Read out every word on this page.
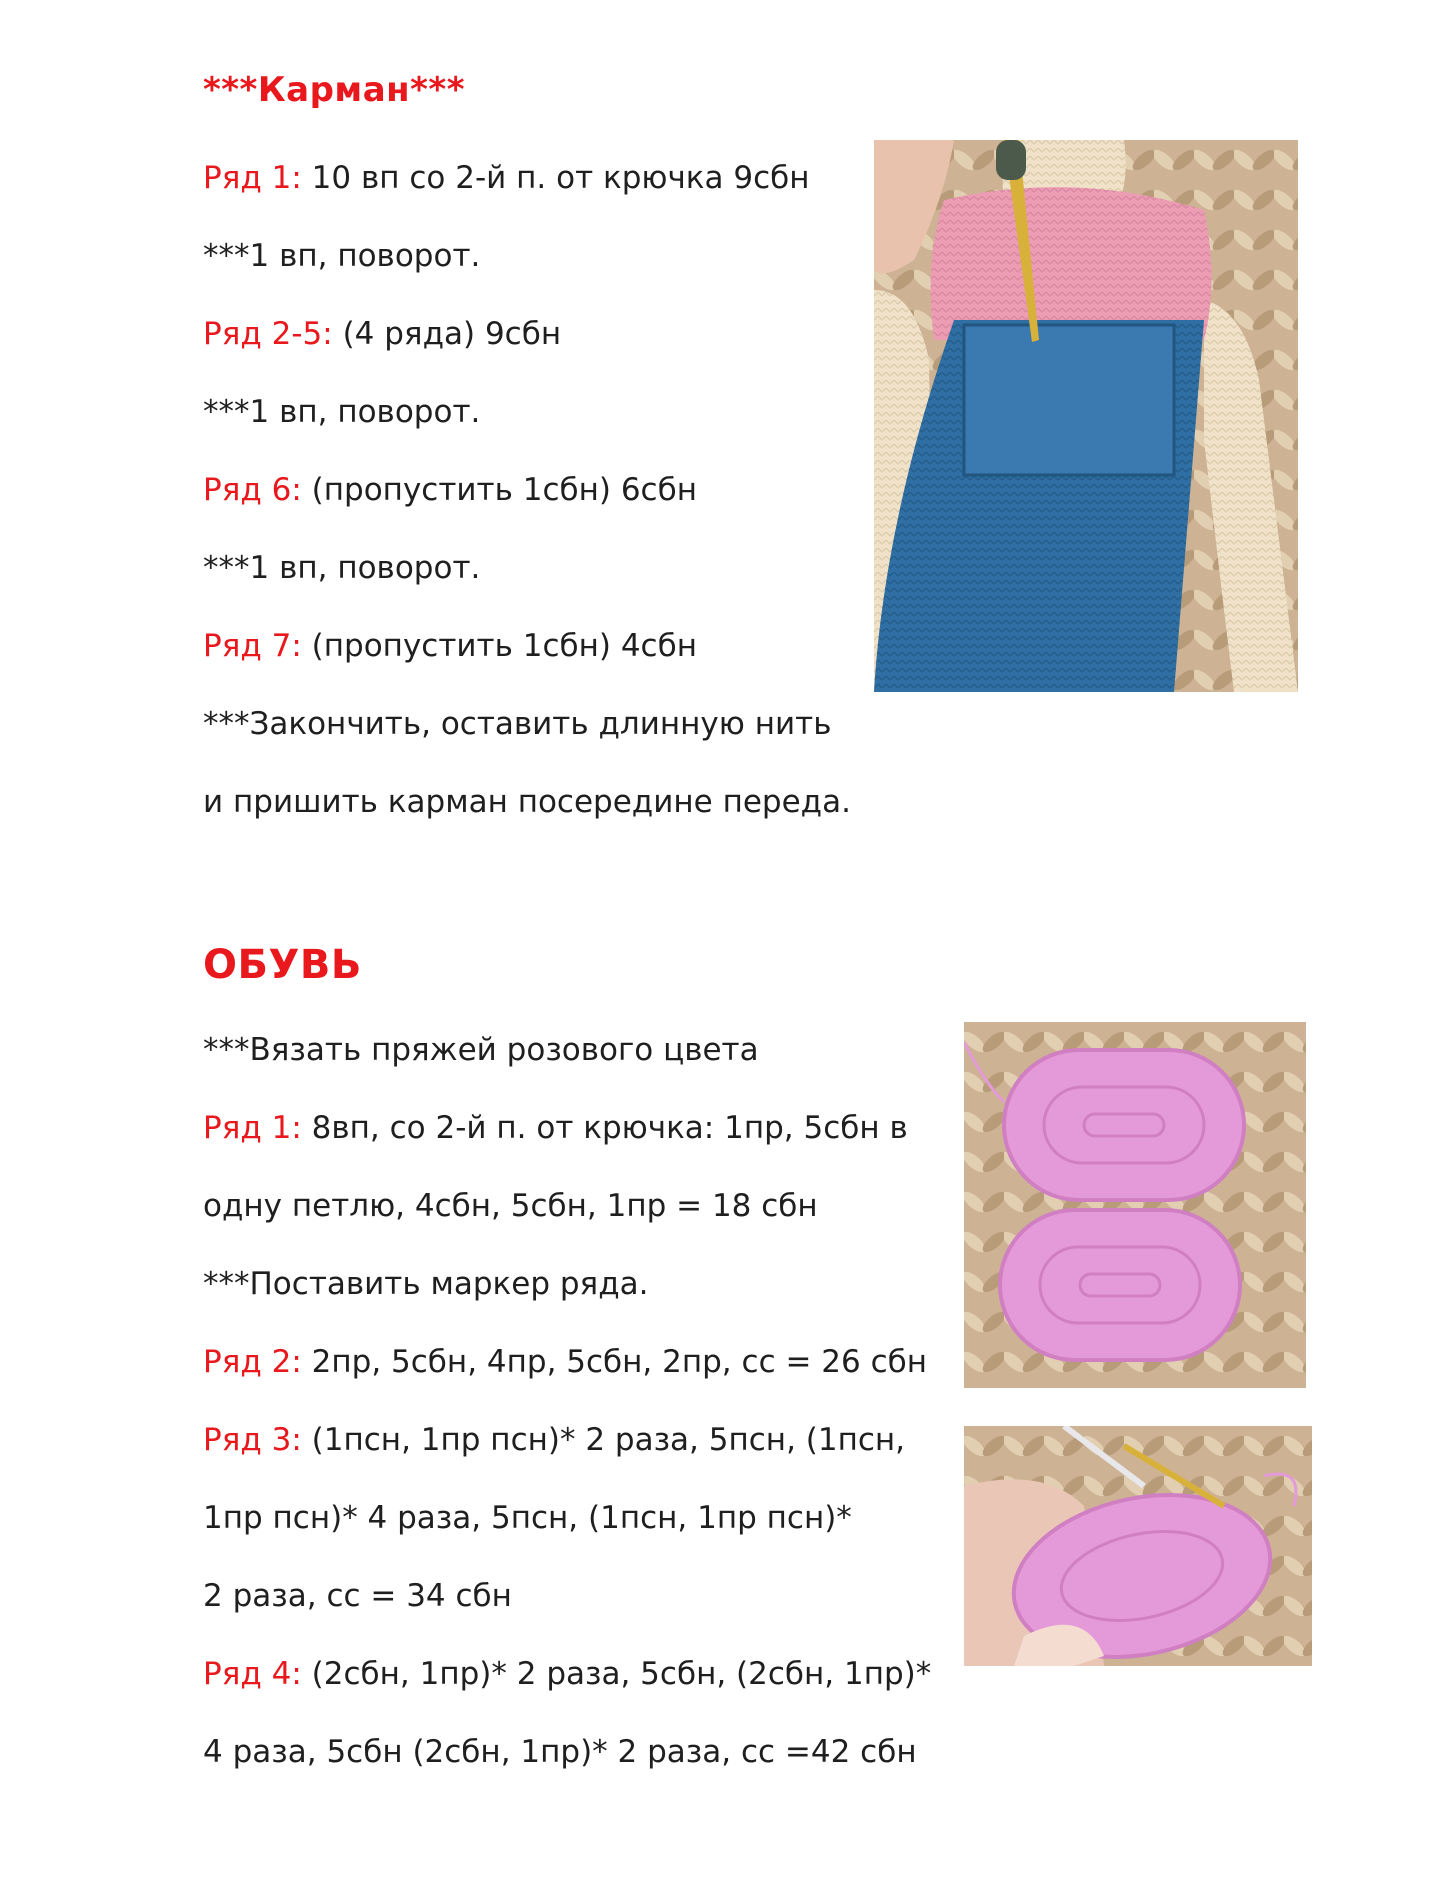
***Карман***
Ряд 1: 10 вп со 2-й п. от крючка 9сбн
***1 вп, поворот.
Ряд 2-5: (4 ряда) 9сбн
***1 вп, поворот.
Ряд 6: (пропустить 1сбн) 6сбн
***1 вп, поворот.
Ряд 7: (пропустить 1сбн) 4сбн
***Закончить, оставить длинную нить
и пришить карман посередине переда.
ОБУВЬ
***Вязать пряжей розового цвета
Ряд 1: 8вп, со 2-й п. от крючка: 1пр, 5сбн в
одну петлю, 4сбн, 5сбн, 1пр = 18 сбн
***Поставить маркер ряда.
Ряд 2: 2пр, 5сбн, 4пр, 5сбн, 2пр, сс = 26 сбн
Ряд 3: (1псн, 1пр псн)* 2 раза, 5псн, (1псн,
1пр псн)* 4 раза, 5псн, (1псн, 1пр псн)*
2 раза, сс = 34 сбн
Ряд 4: (2сбн, 1пр)* 2 раза, 5сбн, (2сбн, 1пр)*
4 раза, 5сбн (2сбн, 1пр)* 2 раза, сс =42 сбн
